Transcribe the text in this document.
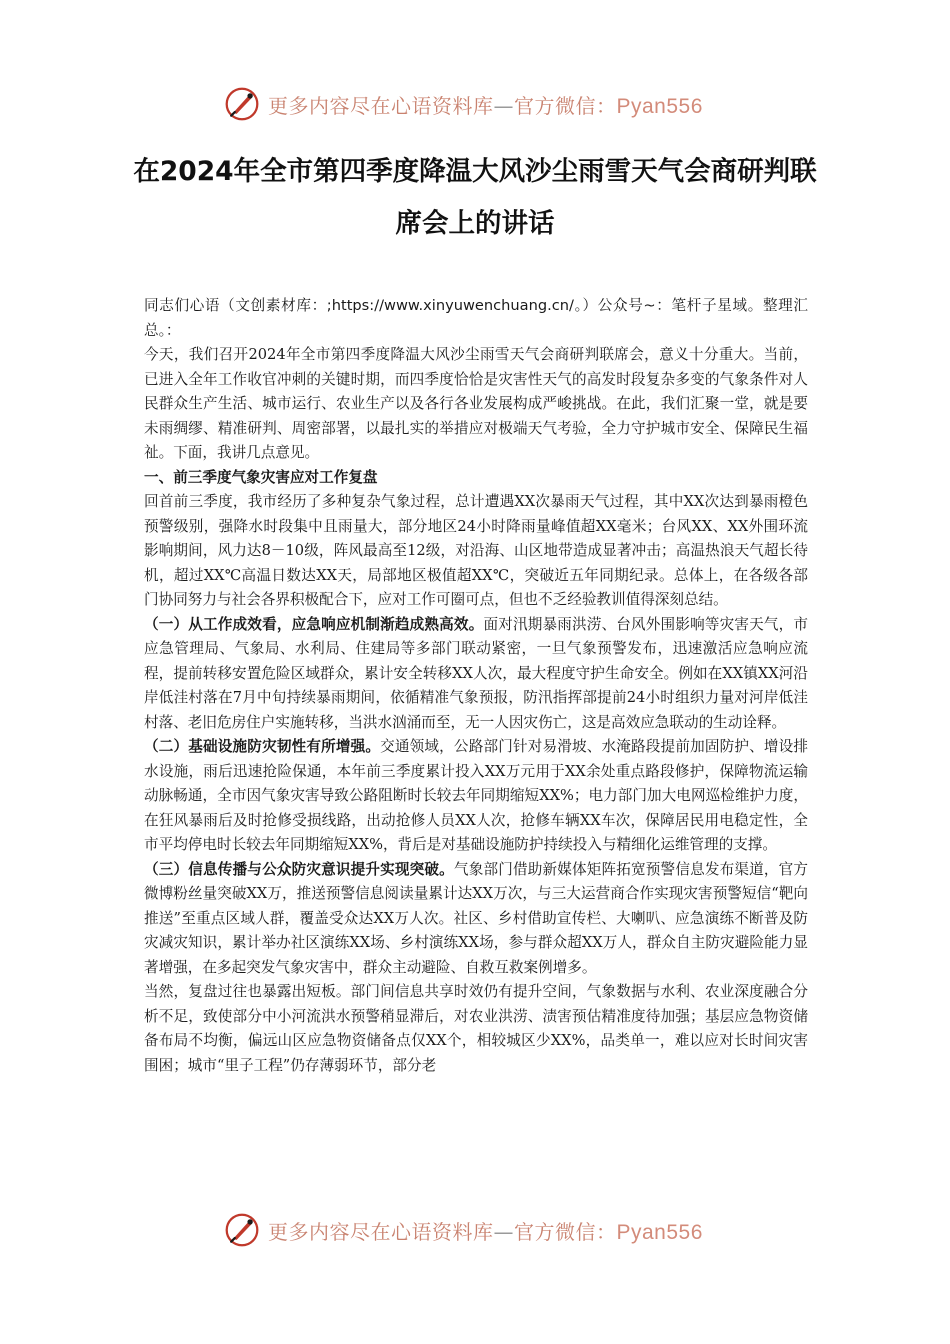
更多内容尽在心语资料库—官方微信：Pyan556
在2024年全市第四季度降温大风沙尘雨雪天气会商研判联席会上的讲话

同志们心语（文创素材库：;https://www.xinyuwenchuang.cn/。）公众号~：笔杆子星域。整理汇总。：

今天，我们召开2024年全市第四季度降温大风沙尘雨雪天气会商研判联席会，意义十分重大。当前，已进入全年工作收官冲刺的关键时期，而四季度恰恰是灾害性天气的高发时段复杂多变的气象条件对人民群众生产生活、城市运行、农业生产以及各行各业发展构成严峻挑战。在此，我们汇聚一堂，就是要未雨绸缪、精准研判、周密部署，以最扎实的举措应对极端天气考验，全力守护城市安全、保障民生福祉。下面，我讲几点意见。

一、前三季度气象灾害应对工作复盘

回首前三季度，我市经历了多种复杂气象过程，总计遭遇XX次暴雨天气过程，其中XX次达到暴雨橙色预警级别，强降水时段集中且雨量大，部分地区24小时降雨量峰值超XX毫米；台风XX、XX外围环流影响期间，风力达8－10级，阵风最高至12级，对沿海、山区地带造成显著冲击；高温热浪天气超长待机，超过XX℃高温日数达XX天，局部地区极值超XX℃，突破近五年同期纪录。总体上，在各级各部门协同努力与社会各界积极配合下，应对工作可圈可点，但也不乏经验教训值得深刻总结。

（一）从工作成效看，应急响应机制渐趋成熟高效。面对汛期暴雨洪涝、台风外围影响等灾害天气，市应急管理局、气象局、水利局、住建局等多部门联动紧密，一旦气象预警发布，迅速激活应急响应流程，提前转移安置危险区域群众，累计安全转移XX人次，最大程度守护生命安全。例如在XX镇XX河沿岸低洼村落在7月中旬持续暴雨期间，依循精准气象预报，防汛指挥部提前24小时组织力量对河岸低洼村落、老旧危房住户实施转移，当洪水汹涌而至，无一人因灾伤亡，这是高效应急联动的生动诠释。

（二）基础设施防灾韧性有所增强。交通领域，公路部门针对易滑坡、水淹路段提前加固防护、增设排水设施，雨后迅速抢险保通，本年前三季度累计投入XX万元用于XX余处重点路段修护，保障物流运输动脉畅通，全市因气象灾害导致公路阻断时长较去年同期缩短XX%；电力部门加大电网巡检维护力度，在狂风暴雨后及时抢修受损线路，出动抢修人员XX人次，抢修车辆XX车次，保障居民用电稳定性，全市平均停电时长较去年同期缩短XX%，背后是对基础设施防护持续投入与精细化运维管理的支撑。

（三）信息传播与公众防灾意识提升实现突破。气象部门借助新媒体矩阵拓宽预警信息发布渠道，官方微博粉丝量突破XX万，推送预警信息阅读量累计达XX万次，与三大运营商合作实现灾害预警短信“靶向推送”至重点区域人群，覆盖受众达XX万人次。社区、乡村借助宣传栏、大喇叭、应急演练不断普及防灾减灾知识，累计举办社区演练XX场、乡村演练XX场，参与群众超XX万人，群众自主防灾避险能力显著增强，在多起突发气象灾害中，群众主动避险、自救互救案例增多。

当然，复盘过往也暴露出短板。部门间信息共享时效仍有提升空间，气象数据与水利、农业深度融合分析不足，致使部分中小河流洪水预警稍显滞后，对农业洪涝、渍害预估精准度待加强；基层应急物资储备布局不均衡，偏远山区应急物资储备点仅XX个，相较城区少XX%，品类单一，难以应对长时间灾害围困；城市“里子工程”仍存薄弱环节，部分老

更多内容尽在心语资料库—官方微信：Pyan556
